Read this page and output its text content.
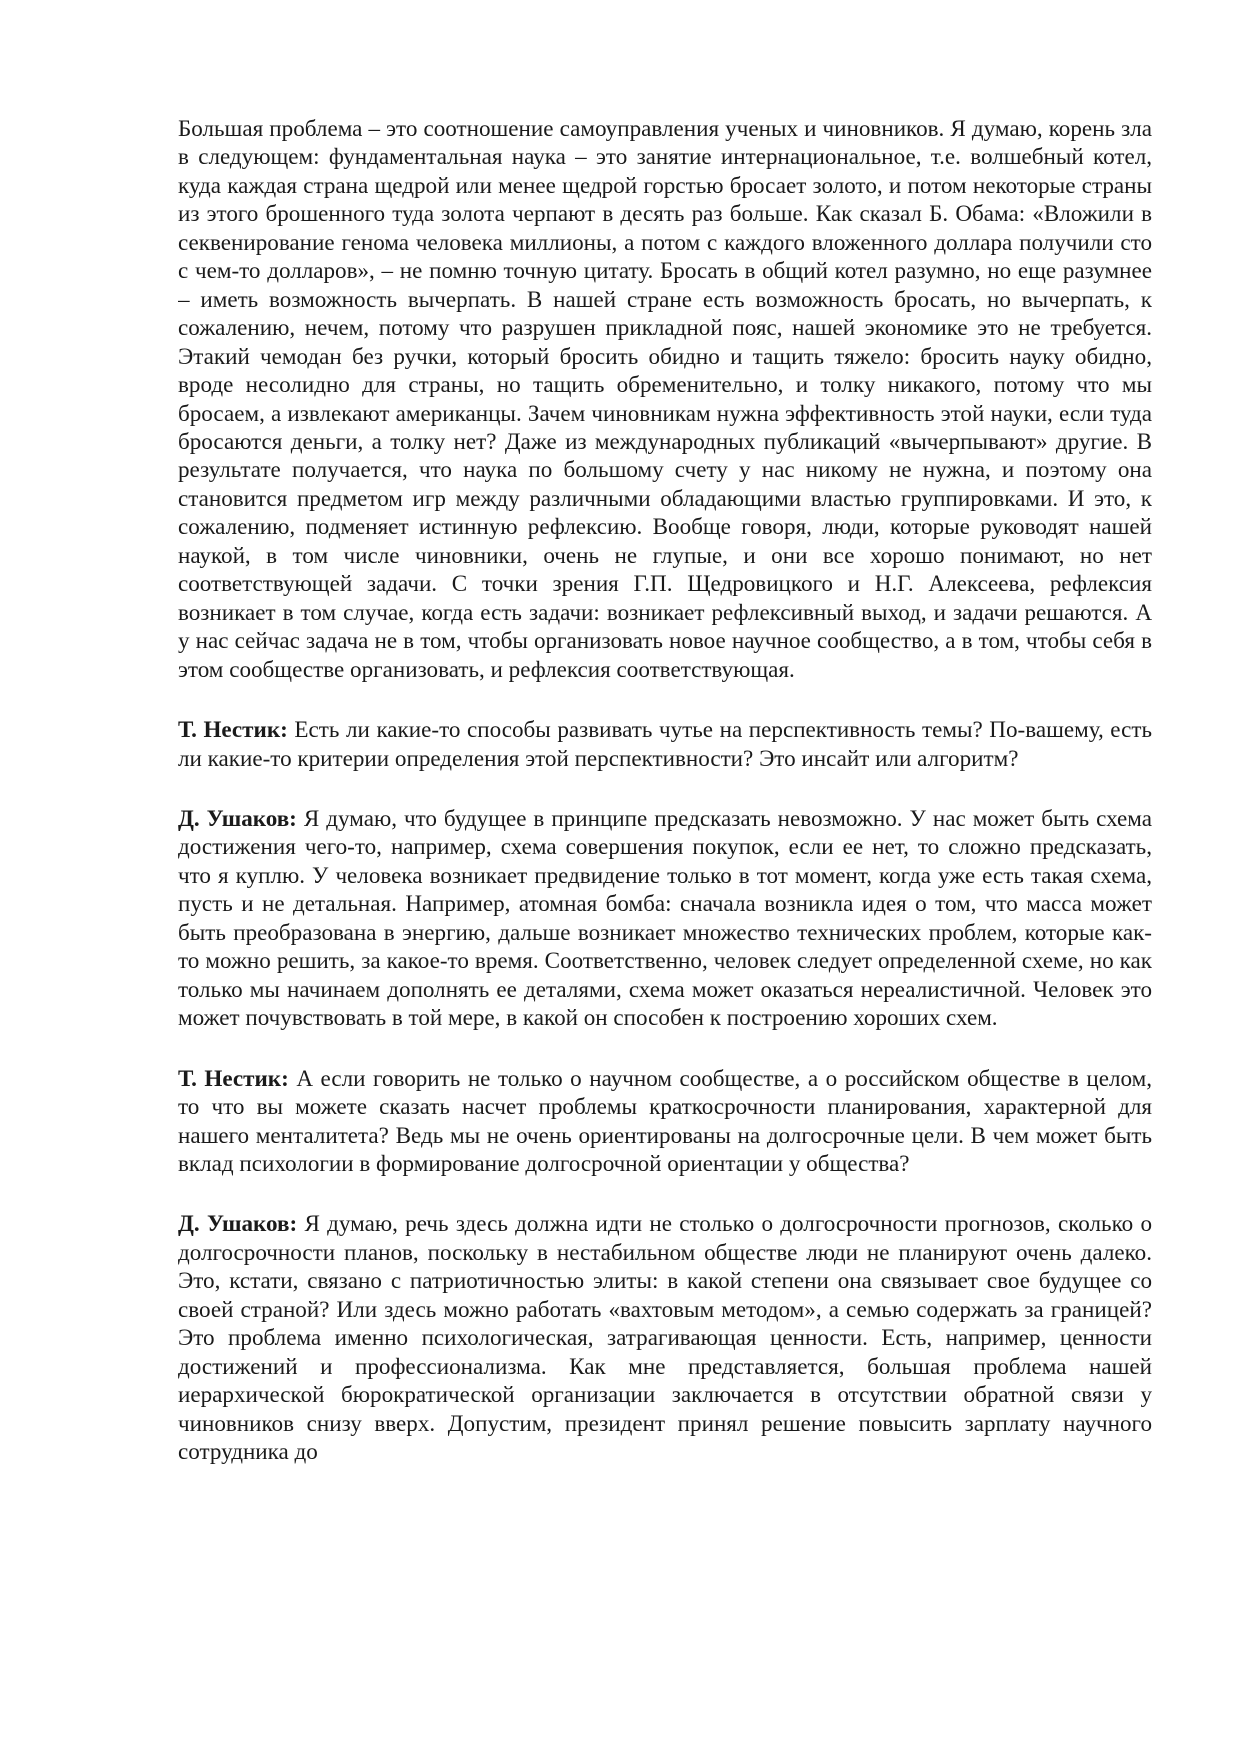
Большая проблема – это соотношение самоуправления ученых и чиновников. Я думаю, корень зла в следующем: фундаментальная наука – это занятие интернациональное, т.е. волшебный котел, куда каждая страна щедрой или менее щедрой горстью бросает золото, и потом некоторые страны из этого брошенного туда золота черпают в десять раз больше. Как сказал Б. Обама: «Вложили в секвенирование генома человека миллионы, а потом с каждого вложенного доллара получили сто с чем-то долларов», – не помню точную цитату. Бросать в общий котел разумно, но еще разумнее – иметь возможность вычерпать. В нашей стране есть возможность бросать, но вычерпать, к сожалению, нечем, потому что разрушен прикладной пояс, нашей экономике это не требуется. Этакий чемодан без ручки, который бросить обидно и тащить тяжело: бросить науку обидно, вроде несолидно для страны, но тащить обременительно, и толку никакого, потому что мы бросаем, а извлекают американцы. Зачем чиновникам нужна эффективность этой науки, если туда бросаются деньги, а толку нет? Даже из международных публикаций «вычерпывают» другие. В результате получается, что наука по большому счету у нас никому не нужна, и поэтому она становится предметом игр между различными обладающими властью группировками. И это, к сожалению, подменяет истинную рефлексию. Вообще говоря, люди, которые руководят нашей наукой, в том числе чиновники, очень не глупые, и они все хорошо понимают, но нет соответствующей задачи. С точки зрения Г.П. Щедровицкого и Н.Г. Алексеева, рефлексия возникает в том случае, когда есть задачи: возникает рефлексивный выход, и задачи решаются. А у нас сейчас задача не в том, чтобы организовать новое научное сообщество, а в том, чтобы себя в этом сообществе организовать, и рефлексия соответствующая.

Т. Нестик: Есть ли какие-то способы развивать чутье на перспективность темы? По-вашему, есть ли какие-то критерии определения этой перспективности? Это инсайт или алгоритм?

Д. Ушаков: Я думаю, что будущее в принципе предсказать невозможно. У нас может быть схема достижения чего-то, например, схема совершения покупок, если ее нет, то сложно предсказать, что я куплю. У человека возникает предвидение только в тот момент, когда уже есть такая схема, пусть и не детальная. Например, атомная бомба: сначала возникла идея о том, что масса может быть преобразована в энергию, дальше возникает множество технических проблем, которые как-то можно решить, за какое-то время. Соответственно, человек следует определенной схеме, но как только мы начинаем дополнять ее деталями, схема может оказаться нереалистичной. Человек это может почувствовать в той мере, в какой он способен к построению хороших схем.

Т. Нестик: А если говорить не только о научном сообществе, а о российском обществе в целом, то что вы можете сказать насчет проблемы краткосрочности планирования, характерной для нашего менталитета? Ведь мы не очень ориентированы на долгосрочные цели. В чем может быть вклад психологии в формирование долгосрочной ориентации у общества?

Д. Ушаков: Я думаю, речь здесь должна идти не столько о долгосрочности прогнозов, сколько о долгосрочности планов, поскольку в нестабильном обществе люди не планируют очень далеко. Это, кстати, связано с патриотичностью элиты: в какой степени она связывает свое будущее со своей страной? Или здесь можно работать «вахтовым методом», а семью содержать за границей? Это проблема именно психологическая, затрагивающая ценности. Есть, например, ценности достижений и профессионализма. Как мне представляется, большая проблема нашей иерархической бюрократической организации заключается в отсутствии обратной связи у чиновников снизу вверх. Допустим, президент принял решение повысить зарплату научного сотрудника до
